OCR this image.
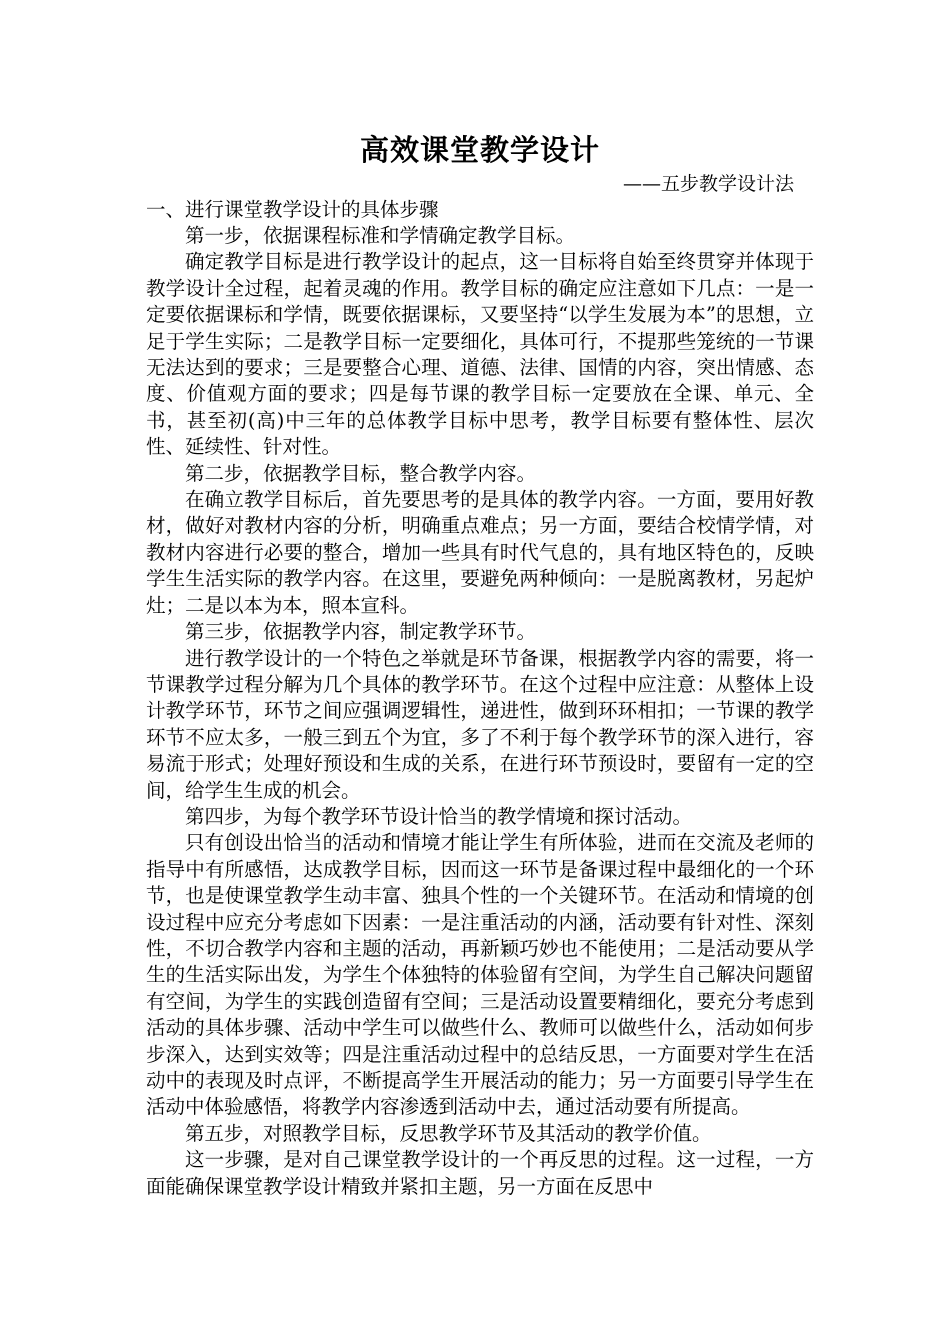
高效课堂教学设计
——五步教学设计法
一、进行课堂教学设计的具体步骤

第一步，依据课程标准和学情确定教学目标。

确定教学目标是进行教学设计的起点，这一目标将自始至终贯穿并体现于教学设计全过程，起着灵魂的作用。教学目标的确定应注意如下几点：一是一定要依据课标和学情，既要依据课标，又要坚持“以学生发展为本”的思想，立足于学生实际；二是教学目标一定要细化，具体可行，不提那些笼统的一节课无法达到的要求；三是要整合心理、道德、法律、国情的内容，突出情感、态度、价值观方面的要求；四是每节课的教学目标一定要放在全课、单元、全书，甚至初(高)中三年的总体教学目标中思考，教学目标要有整体性、层次性、延续性、针对性。

第二步，依据教学目标，整合教学内容。

在确立教学目标后，首先要思考的是具体的教学内容。一方面，要用好教材，做好对教材内容的分析，明确重点难点；另一方面，要结合校情学情，对教材内容进行必要的整合，增加一些具有时代气息的，具有地区特色的，反映学生生活实际的教学内容。在这里，要避免两种倾向：一是脱离教材，另起炉灶；二是以本为本，照本宣科。

第三步，依据教学内容，制定教学环节。

进行教学设计的一个特色之举就是环节备课，根据教学内容的需要，将一节课教学过程分解为几个具体的教学环节。在这个过程中应注意：从整体上设计教学环节，环节之间应强调逻辑性，递进性，做到环环相扣；一节课的教学环节不应太多，一般三到五个为宜，多了不利于每个教学环节的深入进行，容易流于形式；处理好预设和生成的关系，在进行环节预设时，要留有一定的空间，给学生生成的机会。

第四步，为每个教学环节设计恰当的教学情境和探讨活动。

只有创设出恰当的活动和情境才能让学生有所体验，进而在交流及老师的指导中有所感悟，达成教学目标，因而这一环节是备课过程中最细化的一个环节，也是使课堂教学生动丰富、独具个性的一个关键环节。在活动和情境的创设过程中应充分考虑如下因素：一是注重活动的内涵，活动要有针对性、深刻性，不切合教学内容和主题的活动，再新颖巧妙也不能使用；二是活动要从学生的生活实际出发，为学生个体独特的体验留有空间，为学生自己解决问题留有空间，为学生的实践创造留有空间；三是活动设置要精细化，要充分考虑到活动的具体步骤、活动中学生可以做些什么、教师可以做些什么，活动如何步步深入，达到实效等；四是注重活动过程中的总结反思，一方面要对学生在活动中的表现及时点评，不断提高学生开展活动的能力；另一方面要引导学生在活动中体验感悟，将教学内容渗透到活动中去，通过活动要有所提高。

第五步，对照教学目标，反思教学环节及其活动的教学价值。

这一步骤，是对自己课堂教学设计的一个再反思的过程。这一过程，一方面能确保课堂教学设计精致并紧扣主题，另一方面在反思中
